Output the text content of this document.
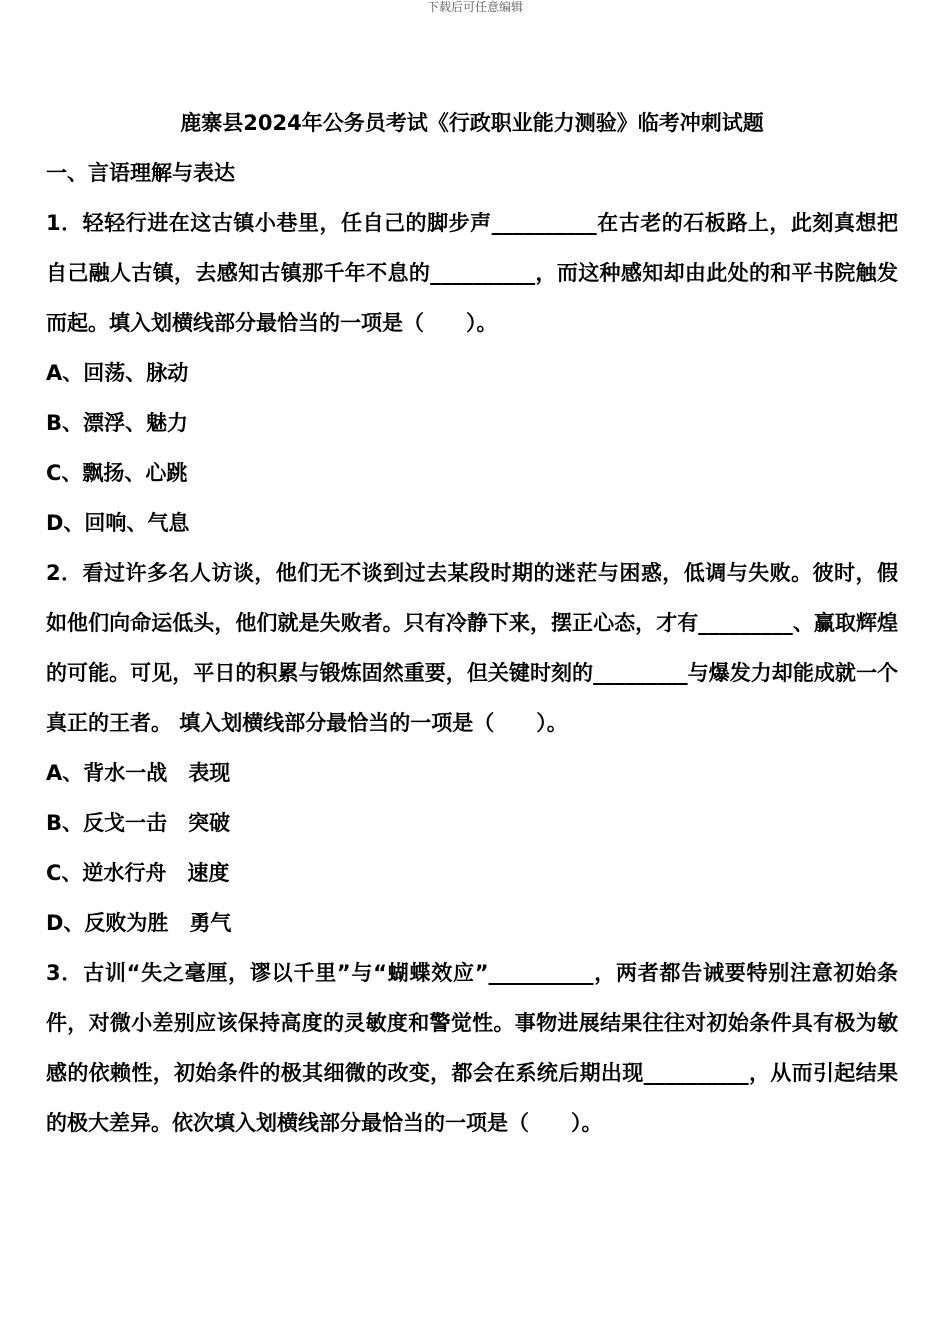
下载后可任意编辑
鹿寨县2024年公务员考试《行政职业能力测验》临考冲刺试题
一、言语理解与表达
1．轻轻行进在这古镇小巷里，任自己的脚步声__________在古老的石板路上，此刻真想把自己融人古镇，去感知古镇那千年不息的__________，而这种感知却由此处的和平书院触发而起。填入划横线部分最恰当的一项是（　　）。
A、回荡、脉动
B、漂浮、魅力
C、飘扬、心跳
D、回响、气息
2．看过许多名人访谈，他们无不谈到过去某段时期的迷茫与困惑，低调与失败。彼时，假如他们向命运低头，他们就是失败者。只有冷静下来，摆正心态，才有_________、赢取辉煌的可能。可见，平日的积累与锻炼固然重要，但关键时刻的_________与爆发力却能成就一个真正的王者。 填入划横线部分最恰当的一项是（　　）。
A、背水一战　表现
B、反戈一击　突破
C、逆水行舟　速度
D、反败为胜　勇气
3．古训“失之毫厘，谬以千里”与“蝴蝶效应”__________，两者都告诫要特别注意初始条件，对微小差别应该保持高度的灵敏度和警觉性。事物进展结果往往对初始条件具有极为敏感的依赖性，初始条件的极其细微的改变，都会在系统后期出现__________，从而引起结果的极大差异。依次填入划横线部分最恰当的一项是（　　）。
